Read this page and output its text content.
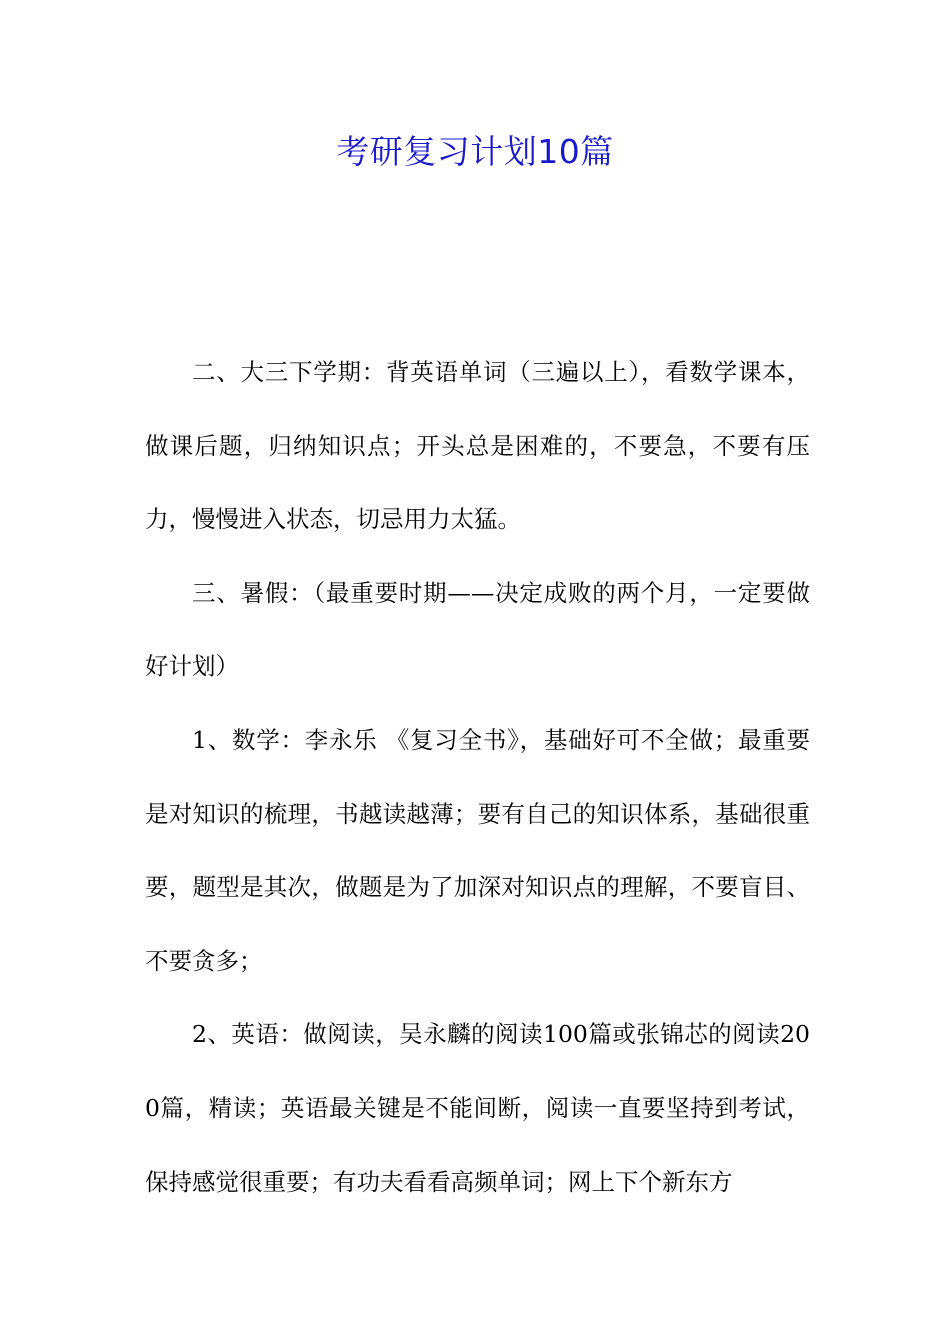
考研复习计划10篇

二、大三下学期：背英语单词（三遍以上），看数学课本，做课后题，归纳知识点；开头总是困难的，不要急，不要有压力，慢慢进入状态，切忌用力太猛。

三、暑假：（最重要时期——决定成败的两个月，一定要做好计划）

1、数学：李永乐 《复习全书》，基础好可不全做；最重要是对知识的梳理，书越读越薄；要有自己的知识体系，基础很重要，题型是其次，做题是为了加深对知识点的理解，不要盲目、不要贪多；

2、英语：做阅读，吴永麟的阅读100篇或张锦芯的阅读200篇，精读；英语最关键是不能间断，阅读一直要坚持到考试，保持感觉很重要；有功夫看看高频单词；网上下个新东方
